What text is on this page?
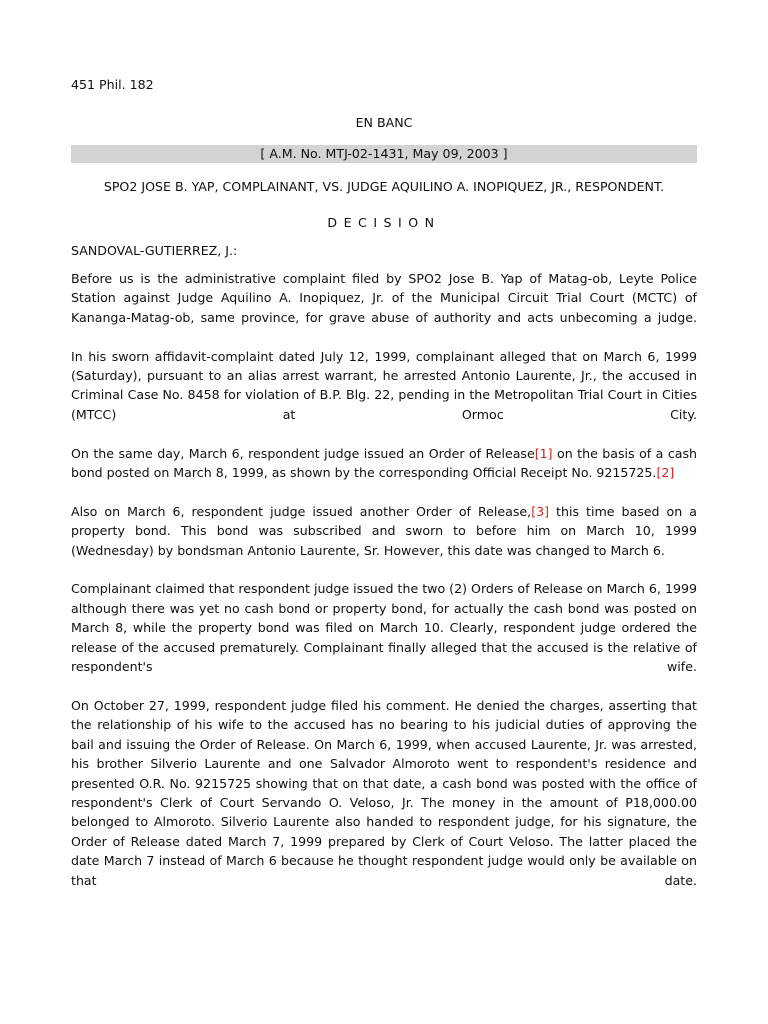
451 Phil. 182
EN BANC
[ A.M. No. MTJ-02-1431, May 09, 2003 ]
SPO2 JOSE B. YAP, COMPLAINANT, VS. JUDGE AQUILINO A. INOPIQUEZ, JR., RESPONDENT.
DECISION
SANDOVAL-GUTIERREZ, J.:

Before us is the administrative complaint filed by SPO2 Jose B. Yap of Matag-ob, Leyte Police Station against Judge Aquilino A. Inopiquez, Jr. of the Municipal Circuit Trial Court (MCTC) of Kananga-Matag-ob, same province, for grave abuse of authority and acts unbecoming a judge.

In his sworn affidavit-complaint dated July 12, 1999, complainant alleged that on March 6, 1999 (Saturday), pursuant to an alias arrest warrant, he arrested Antonio Laurente, Jr., the accused in Criminal Case No. 8458 for violation of B.P. Blg. 22, pending in the Metropolitan Trial Court in Cities (MTCC) at Ormoc City.

On the same day, March 6, respondent judge issued an Order of Release[1] on the basis of a cash bond posted on March 8, 1999, as shown by the corresponding Official Receipt No. 9215725.[2]

Also on March 6, respondent judge issued another Order of Release,[3] this time based on a property bond. This bond was subscribed and sworn to before him on March 10, 1999 (Wednesday) by bondsman Antonio Laurente, Sr. However, this date was changed to March 6.

Complainant claimed that respondent judge issued the two (2) Orders of Release on March 6, 1999 although there was yet no cash bond or property bond, for actually the cash bond was posted on March 8, while the property bond was filed on March 10. Clearly, respondent judge ordered the release of the accused prematurely. Complainant finally alleged that the accused is the relative of respondent's wife.

On October 27, 1999, respondent judge filed his comment. He denied the charges, asserting that the relationship of his wife to the accused has no bearing to his judicial duties of approving the bail and issuing the Order of Release. On March 6, 1999, when accused Laurente, Jr. was arrested, his brother Silverio Laurente and one Salvador Almoroto went to respondent's residence and presented O.R. No. 9215725 showing that on that date, a cash bond was posted with the office of respondent's Clerk of Court Servando O. Veloso, Jr. The money in the amount of P18,000.00 belonged to Almoroto. Silverio Laurente also handed to respondent judge, for his signature, the Order of Release dated March 7, 1999 prepared by Clerk of Court Veloso. The latter placed the date March 7 instead of March 6 because he thought respondent judge would only be available on that date.
